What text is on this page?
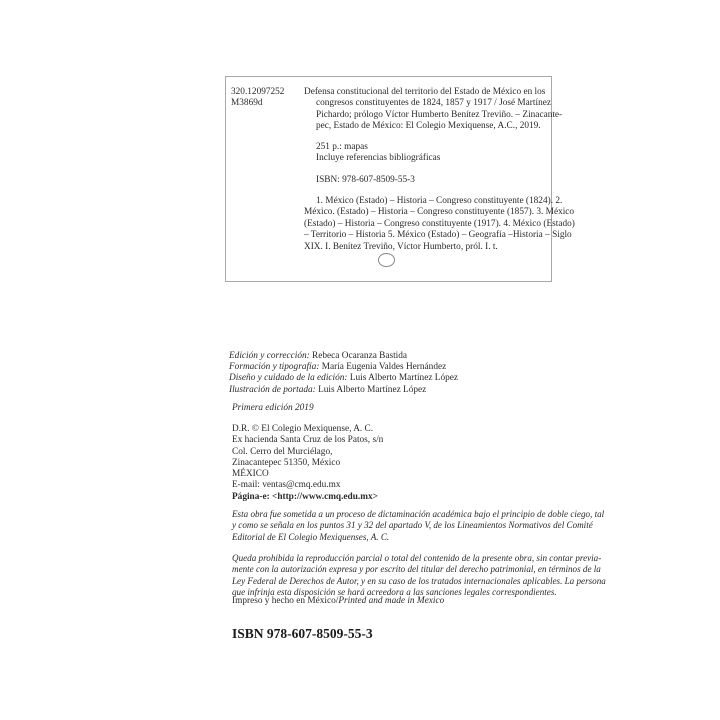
320.12097252
M3869d
Defensa constitucional del territorio del Estado de México en los
congresos constituyentes de 1824, 1857 y 1917 / José Martínez
Pichardo; prólogo Víctor Humberto Benítez Treviño. – Zinacante-
pec, Estado de México: El Colegio Mexiquense, A.C., 2019.
251 p.: mapas
Incluye referencias bibliográficas
ISBN: 978-607-8509-55-3
1. México (Estado) – Historia – Congreso constituyente (1824). 2.
México. (Estado) – Historia – Congreso constituyente (1857). 3. México
(Estado) – Historia – Congreso constituyente (1917). 4. México (Estado)
– Territorio – Historia 5. México (Estado) – Geografía –Historia – Siglo
XIX. I. Benítez Treviño, Víctor Humberto, pról. I. t.
Edición y corrección: Rebeca Ocaranza Bastida
Formación y tipografía: María Eugenia Valdes Hernández
Diseño y cuidado de la edición: Luis Alberto Martínez López
Ilustración de portada: Luis Alberto Martínez López
Primera edición 2019
D.R. © El Colegio Mexiquense, A. C.
Ex hacienda Santa Cruz de los Patos, s/n
Col. Cerro del Murciélago,
Zinacantepec 51350, México
MÉXICO
E-mail: ventas@cmq.edu.mx
Página-e: <http://www.cmq.edu.mx>
Esta obra fue sometida a un proceso de dictaminación académica bajo el principio de doble ciego, tal
y como se señala en los puntos 31 y 32 del apartado V, de los Lineamientos Normativos del Comité
Editorial de El Colegio Mexiquenses, A. C.
Queda prohibida la reproducción parcial o total del contenido de la presente obra, sin contar previa-
mente con la autorización expresa y por escrito del titular del derecho patrimonial, en términos de la
Ley Federal de Derechos de Autor, y en su caso de los tratados internacionales aplicables. La persona
que infrinja esta disposición se hará acreedora a las sanciones legales correspondientes.
Impreso y hecho en México/Printed and made in Mexico
ISBN 978-607-8509-55-3
